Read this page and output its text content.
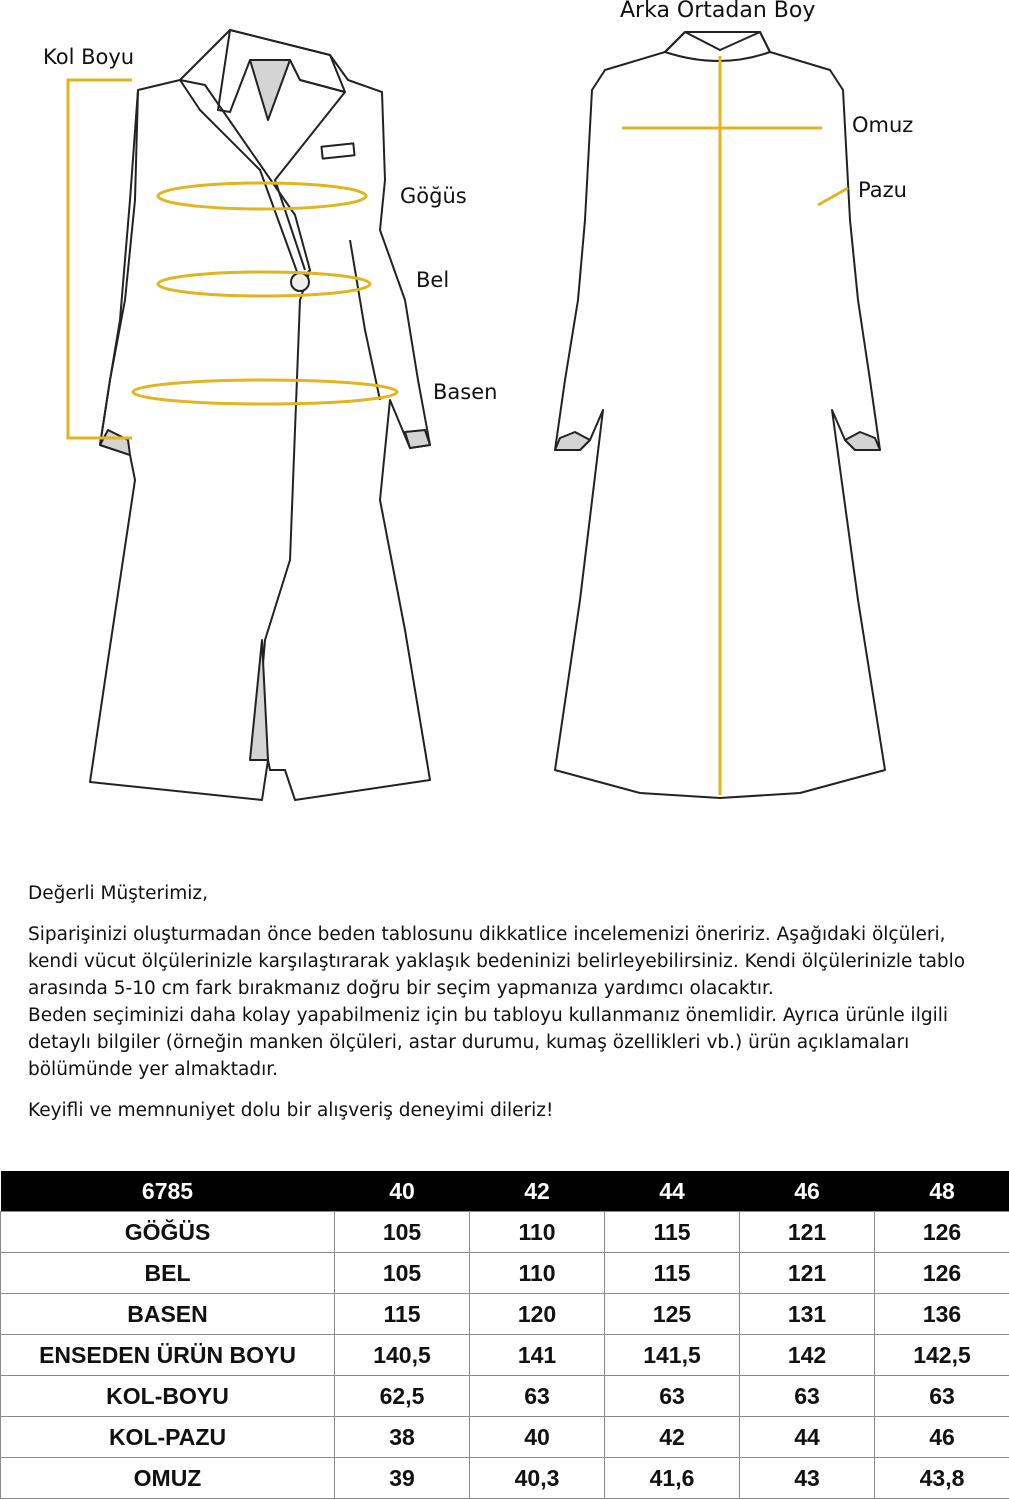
Kol Boyu
Göğüs
Bel
Basen
Arka Ortadan Boy
Omuz
Pazu

Değerli Müşterimiz,

Siparişinizi oluşturmadan önce beden tablosunu dikkatlice incelemenizi öneririz. Aşağıdaki ölçüleri, kendi vücut ölçülerinizle karşılaştırarak yaklaşık bedeninizi belirleyebilirsiniz. Kendi ölçülerinizle tablo arasında 5-10 cm fark bırakmanız doğru bir seçim yapmanıza yardımcı olacaktır.

Beden seçiminizi daha kolay yapabilmeniz için bu tabloyu kullanmanız önemlidir. Ayrıca ürünle ilgili detaylı bilgiler (örneğin manken ölçüleri, astar durumu, kumaş özellikleri vb.) ürün açıklamaları bölümünde yer almaktadır.

Keyifli ve memnuniyet dolu bir alışveriş deneyimi dileriz!

6785	40	42	44	46	48
GÖĞÜS	105	110	115	121	126
BEL	105	110	115	121	126
BASEN	115	120	125	131	136
ENSEDEN ÜRÜN BOYU	140,5	141	141,5	142	142,5
KOL-BOYU	62,5	63	63	63	63
KOL-PAZU	38	40	42	44	46
OMUZ	39	40,3	41,6	43	43,8
